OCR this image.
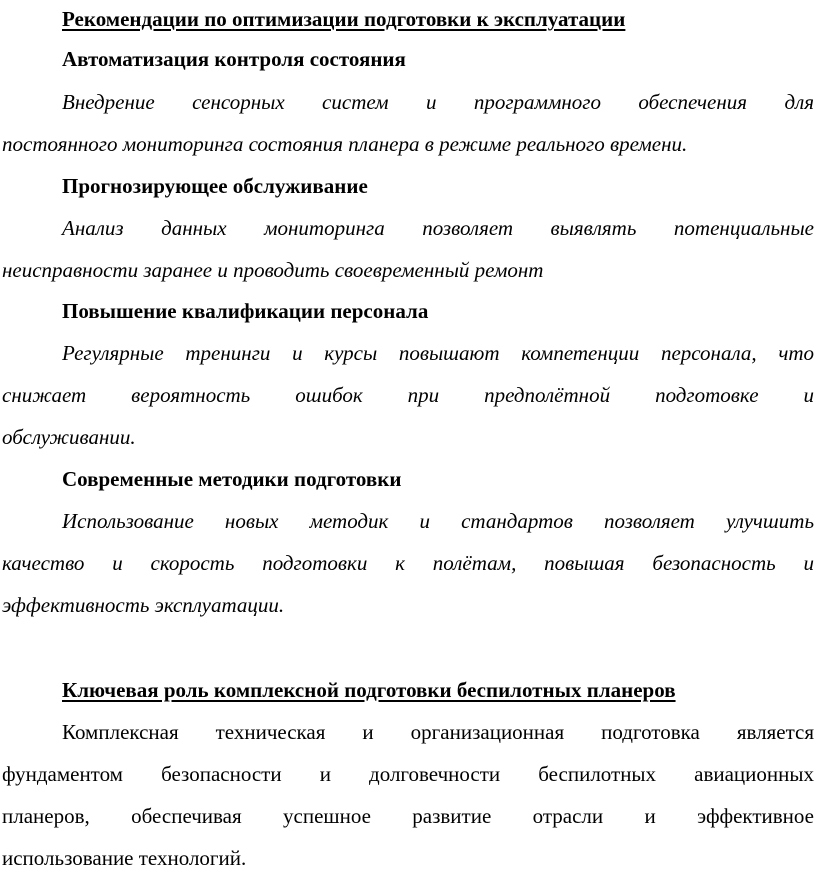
Рекомендации по оптимизации подготовки к эксплуатации
Автоматизация контроля состояния
Внедрение сенсорных систем и программного обеспечения для
постоянного мониторинга состояния планера в режиме реального времени.
Прогнозирующее обслуживание
Анализ данных мониторинга позволяет выявлять потенциальные
неисправности заранее и проводить своевременный ремонт
Повышение квалификации персонала
Регулярные тренинги и курсы повышают компетенции персонала, что
снижает вероятность ошибок при предполётной подготовке и
обслуживании.
Современные методики подготовки
Использование новых методик и стандартов позволяет улучшить
качество и скорость подготовки к полётам, повышая безопасность и
эффективность эксплуатации.
Ключевая роль комплексной подготовки беспилотных планеров
Комплексная техническая и организационная подготовка является
фундаментом безопасности и долговечности беспилотных авиационных
планеров, обеспечивая успешное развитие отрасли и эффективное
использование технологий.
